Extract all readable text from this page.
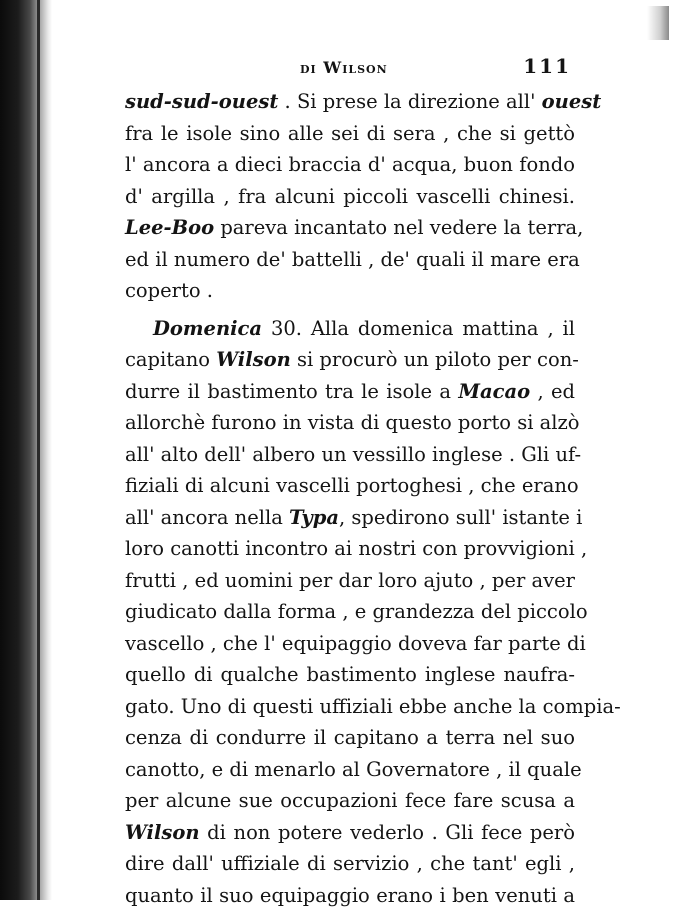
di Wilson	111
sud-sud-ouest . Si prese la direzione all' ouest
fra le isole sino alle sei di sera , che si gettò
l' ancora a dieci braccia d' acqua, buon fondo
d' argilla , fra alcuni piccoli vascelli chinesi.
Lee-Boo pareva incantato nel vedere la terra,
ed il numero de' battelli , de' quali il mare era
coperto .
Domenica 30. Alla domenica mattina , il
capitano Wilson si procurò un piloto per con-
durre il bastimento tra le isole a Macao , ed
allorchè furono in vista di questo porto si alzò
all' alto dell' albero un vessillo inglese . Gli uf-
fiziali di alcuni vascelli portoghesi , che erano
all' ancora nella Typa, spedirono sull' istante i
loro canotti incontro ai nostri con provvigioni ,
frutti , ed uomini per dar loro ajuto , per aver
giudicato dalla forma , e grandezza del piccolo
vascello , che l' equipaggio doveva far parte di
quello di qualche bastimento inglese naufra-
gato. Uno di questi uffiziali ebbe anche la compia-
cenza di condurre il capitano a terra nel suo
canotto, e di menarlo al Governatore , il quale
per alcune sue occupazioni fece fare scusa a
Wilson di non potere vederlo . Gli fece però
dire dall' uffiziale di servizio , che tant' egli ,
quanto il suo equipaggio erano i ben venuti a
